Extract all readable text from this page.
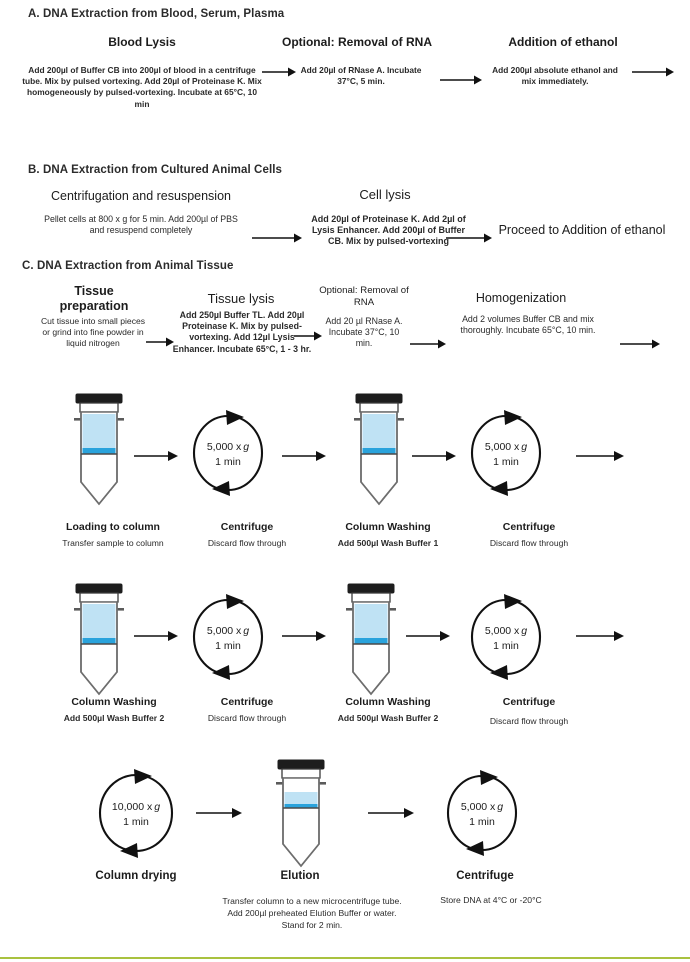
A. DNA Extraction from Blood, Serum, Plasma
Blood Lysis	Optional: Removal of RNA	Addition of ethanol
Add 200µl of Buffer CB into 200µl of blood in a centrifuge tube. Mix by pulsed vortexing. Add 20µl of Proteinase K. Mix homogeneously by pulsed-vortexing. Incubate at 65°C, 10 min
Add 20µl of RNase A. Incubate 37°C, 5 min.
Add 200µl absolute ethanol and mix immediately.
B. DNA Extraction from Cultured Animal Cells
Centrifugation and resuspension	Cell lysis
Pellet cells at 800 x g for 5 min. Add 200µl of PBS and resuspend completely
Add 20µl of Proteinase K. Add 2µl of Lysis Enhancer. Add 200µl of Buffer CB. Mix by pulsed-vortexing
Proceed to Addition of ethanol
C. DNA Extraction from Animal Tissue
Tissue preparation	Tissue lysis
Optional: Removal of RNA	Homogenization
Cut tissue into small pieces or grind into fine powder in liquid nitrogen
Add 250µl Buffer TL. Add 20µl Proteinase K. Mix by pulsed-vortexing. Add 12µl Lysis Enhancer. Incubate 65°C, 1 - 3 hr.
Add 20 µl RNase A. Incubate 37°C, 10 min.
Add 2 volumes Buffer CB and mix thoroughly. Incubate 65°C, 10 min.
5,000 x g
1 min
5,000 x g
1 min
Loading to column
Transfer sample to column
Centrifuge
Discard flow through
Column Washing
Add 500µl Wash Buffer 1
Centrifuge
Discard flow through
5,000 x g
1 min
5,000 x g
1 min
Column Washing
Add 500µl Wash Buffer 2
Centrifuge
Discard flow through
Column Washing
Add 500µl Wash Buffer 2
Centrifuge
Discard flow through
10,000 x g
1 min
5,000 x g
1 min
Column drying	Elution
Transfer column to a new microcentrifuge tube. Add 200µl preheated Elution Buffer or water. Stand for 2 min.
Centrifuge
Store DNA at 4°C or -20°C
